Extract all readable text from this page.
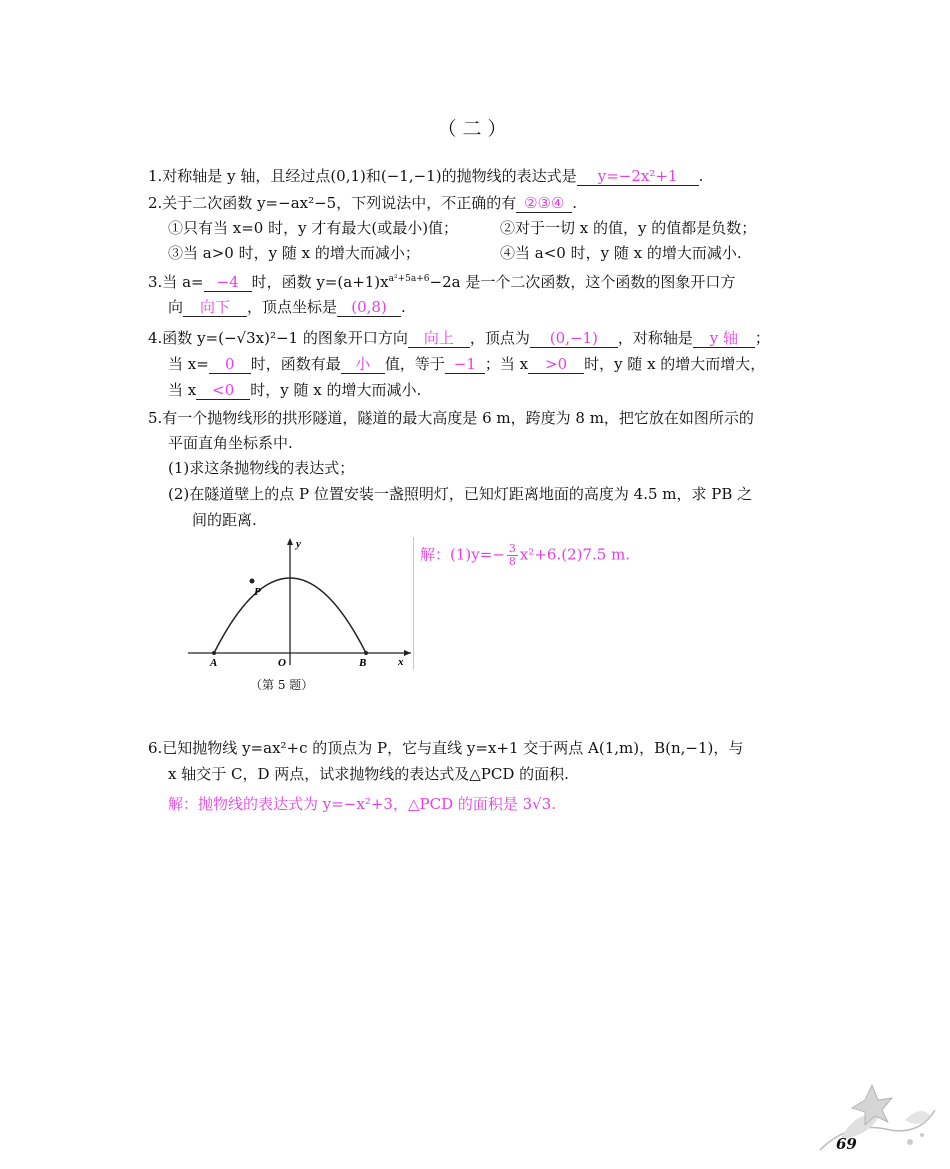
（二）
1.对称轴是 y 轴，且经过点(0,1)和(−1,−1)的抛物线的表达式是 y=−2x²+1 .
2.关于二次函数 y=−ax²−5，下列说法中，不正确的有 ②③④ .
①只有当 x=0 时，y 才有最大(或最小)值；	②对于一切 x 的值，y 的值都是负数；
③当 a>0 时，y 随 x 的增大而减小；	④当 a<0 时，y 随 x 的增大而减小.
3.当 a= −4 时，函数 $y=(a+1)x^{a^2+5a+6}-2a$ 是一个二次函数，这个函数的图象开口方
向 向下 ，顶点坐标是 (0,8) .
4.函数 y=(−√3x)²−1 的图象开口方向 向上 ，顶点为 (0,−1) ，对称轴是 y 轴 ；
当 x= 0 时，函数有最 小 值，等于 −1 ；当 x >0 时，y 随 x 的增大而增大，
当 x <0 时，y 随 x 的增大而减小.
5.有一个抛物线形的拱形隧道，隧道的最大高度是 6 m，跨度为 8 m，把它放在如图所示的
平面直角坐标系中.
(1)求这条抛物线的表达式；
(2)在隧道壁上的点 P 位置安装一盏照明灯，已知灯距离地面的高度为 4.5 m，求 PB 之
间的距离.
y
x
P
A	O	B
（第 5 题）
解：$(1)y=- \frac{3}{8} x^2+6.(2)7.5$ m.
6.已知抛物线 y=ax²+c 的顶点为 P，它与直线 y=x+1 交于两点 A(1,m)，B(n,−1)，与
x 轴交于 C，D 两点，试求抛物线的表达式及△PCD 的面积.
解：抛物线的表达式为 y=−x²+3，△PCD 的面积是 3√3.
69
